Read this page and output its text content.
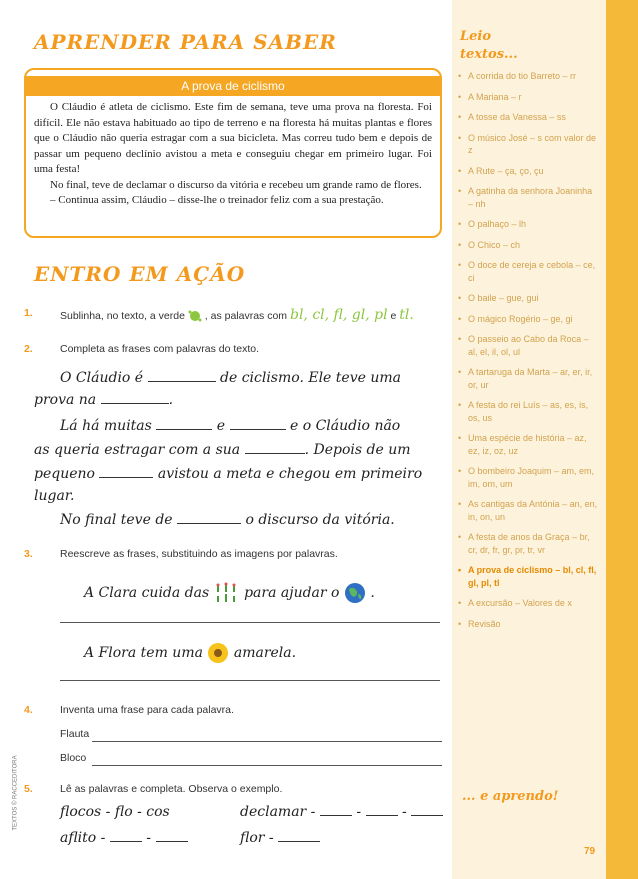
APRENDER PARA SABER
A prova de ciclismo

O Cláudio é atleta de ciclismo. Este fim de semana, teve uma prova na floresta. Foi difícil. Ele não estava habituado ao tipo de terreno e na floresta há muitas plantas e flores que o Cláudio não queria estragar com a sua bicicleta. Mas correu tudo bem e depois de passar um pequeno declínio avistou a meta e conseguiu chegar em primeiro lugar. Foi uma festa!

No final, teve de declamar o discurso da vitória e recebeu um grande ramo de flores.

– Continua assim, Cláudio – disse-lhe o treinador feliz com a sua prestação.

ENTRO EM AÇÃO
1.	Sublinha, no texto, a verde , as palavras com bl, cl, fl, gl, pl e tl.
2.	Completa as frases com palavras do texto.
O Cláudio é	de ciclismo. Ele teve uma
prova na	.
Lá há muitas	e	e o Cláudio não
as queria estragar com a sua	. Depois de um
pequeno	avistou a meta e chegou em primeiro
lugar.
No final teve de	o discurso da vitória.
3.	Reescreve as frases, substituindo as imagens por palavras.
A Clara cuida das para ajudar o .
A Flora tem uma amarela.
4.	Inventa uma frase para cada palavra.
Flauta
Bloco
5.	Lê as palavras e completa. Observa o exemplo.
flocos - flo - cos	declamar -	-  -
aflito -	-	flor -
TEXTOS © RACCEDITORA
Leio
textos...
• A corrida do tio Barreto – rr
• A Mariana – r
• A tosse da Vanessa – ss
• O músico José – s com valor de z
• A Rute – ça, ço, çu
• A gatinha da senhora Joaninha – nh
• O palhaço – lh
• O Chico – ch
• O doce de cereja e cebola – ce, ci
• O baile – gue, gui
• O mágico Rogério – ge, gi
• O passeio ao Cabo da Roca – al, el, il, ol, ul
• A tartaruga da Marta – ar, er, ir, or, ur
• A festa do rei Luís – as, es, is, os, us
• Uma espécie de história – az, ez, iz, oz, uz
• O bombeiro Joaquim – am, em, im, om, um
• As cantigas da Antónia – an, en, in, on, un
• A festa de anos da Graça – br, cr, dr, fr, gr, pr, tr, vr
• A prova de ciclismo – bl, cl, fl, gl, pl, tl
• A excursão – Valores de x
• Revisão
... e aprendo!
79
